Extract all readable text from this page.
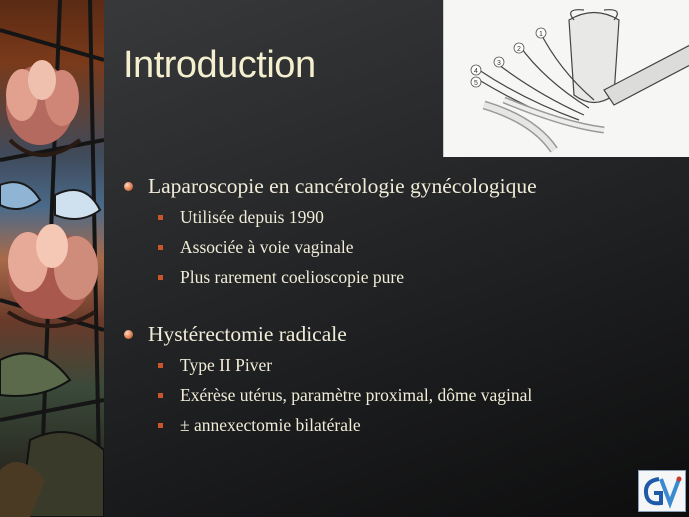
Introduction
1
2
3
4
5
Laparoscopie en cancérologie gynécologique
Utilisée depuis 1990
Associée à voie vaginale
Plus rarement coelioscopie pure
Hystérectomie radicale
Type II Piver
Exérèse utérus, paramètre proximal, dôme vaginal
± annexectomie bilatérale
